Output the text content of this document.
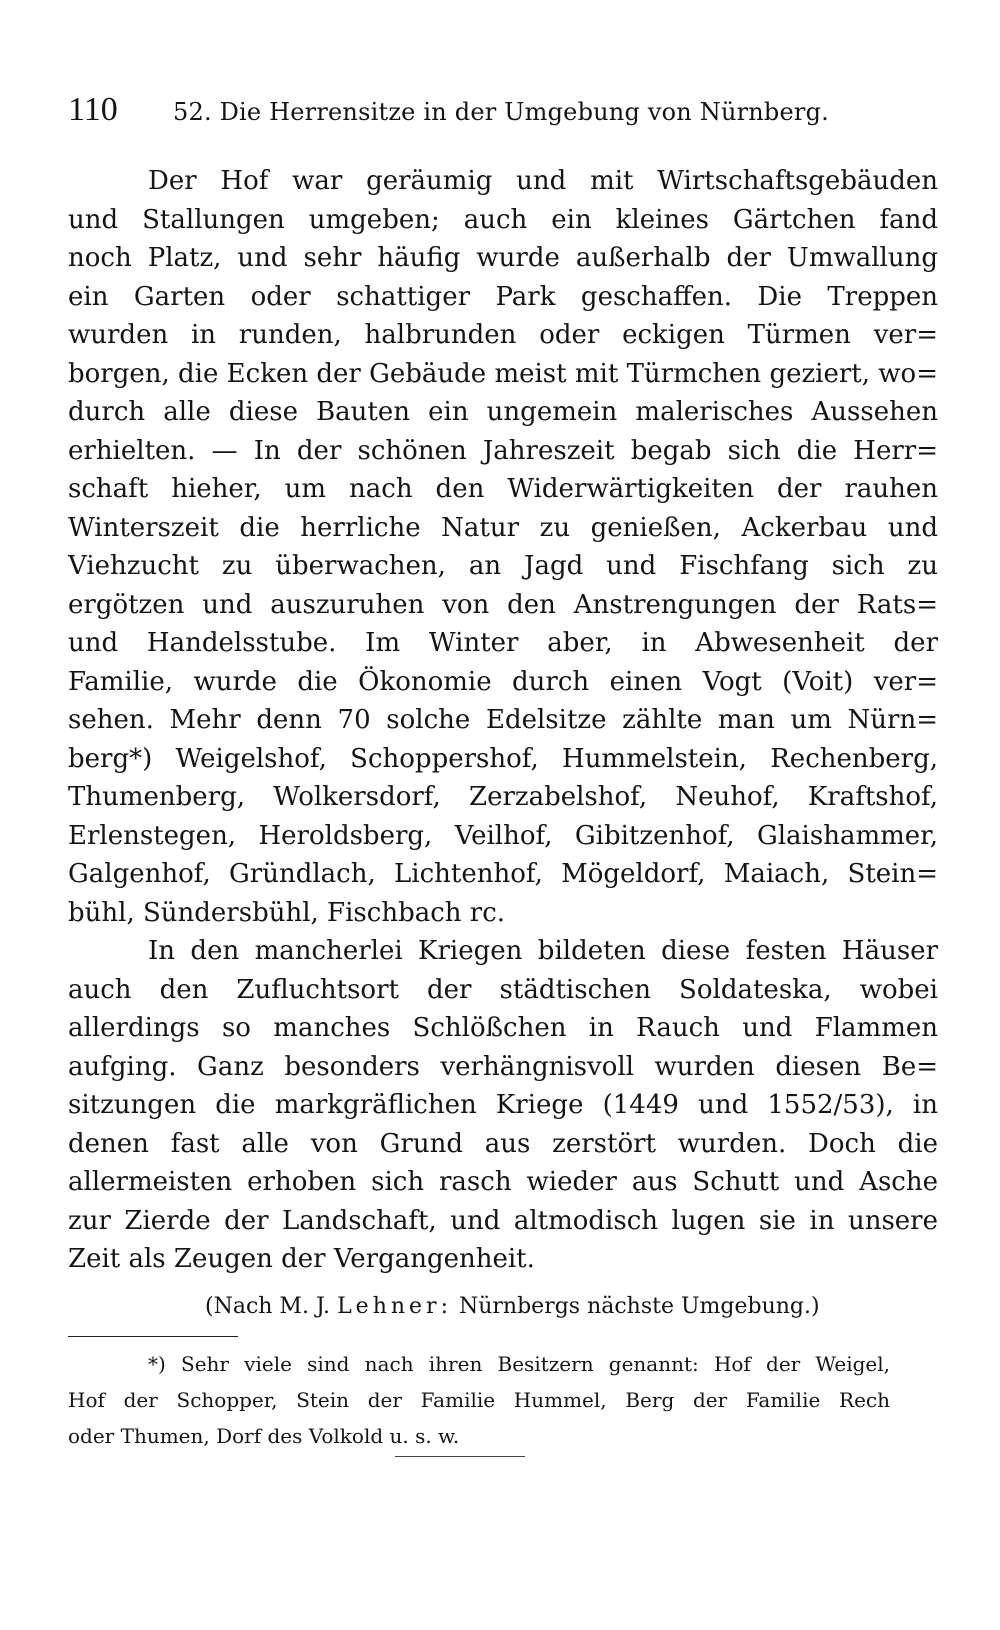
110 52. Die Herrensitze in der Umgebung von Nürnberg.
Der Hof war geräumig und mit Wirtschaftsgebäuden
und Stallungen umgeben; auch ein kleines Gärtchen fand
noch Platz, und sehr häufig wurde außerhalb der Umwallung
ein Garten oder schattiger Park geschaffen. Die Treppen
wurden in runden, halbrunden oder eckigen Türmen ver=
borgen, die Ecken der Gebäude meist mit Türmchen geziert, wo=
durch alle diese Bauten ein ungemein malerisches Aussehen
erhielten. — In der schönen Jahreszeit begab sich die Herr=
schaft hieher, um nach den Widerwärtigkeiten der rauhen
Winterszeit die herrliche Natur zu genießen, Ackerbau und
Viehzucht zu überwachen, an Jagd und Fischfang sich zu
ergötzen und auszuruhen von den Anstrengungen der Rats=
und Handelsstube. Im Winter aber, in Abwesenheit der
Familie, wurde die Ökonomie durch einen Vogt (Voit) ver=
sehen. Mehr denn 70 solche Edelsitze zählte man um Nürn=
berg*) Weigelshof, Schoppershof, Hummelstein, Rechenberg,
Thumenberg, Wolkersdorf, Zerzabelshof, Neuhof, Kraftshof,
Erlenstegen, Heroldsberg, Veilhof, Gibitzenhof, Glaishammer,
Galgenhof, Gründlach, Lichtenhof, Mögeldorf, Maiach, Stein=
bühl, Sündersbühl, Fischbach rc.
In den mancherlei Kriegen bildeten diese festen Häuser
auch den Zufluchtsort der städtischen Soldateska, wobei
allerdings so manches Schlößchen in Rauch und Flammen
aufging. Ganz besonders verhängnisvoll wurden diesen Be=
sitzungen die markgräflichen Kriege (1449 und 1552/53), in
denen fast alle von Grund aus zerstört wurden. Doch die
allermeisten erhoben sich rasch wieder aus Schutt und Asche
zur Zierde der Landschaft, und altmodisch lugen sie in unsere
Zeit als Zeugen der Vergangenheit.
(Nach M. J. Lehner: Nürnbergs nächste Umgebung.)
*) Sehr viele sind nach ihren Besitzern genannt: Hof der Weigel,
Hof der Schopper, Stein der Familie Hummel, Berg der Familie Rech
oder Thumen, Dorf des Volkold u. s. w.
